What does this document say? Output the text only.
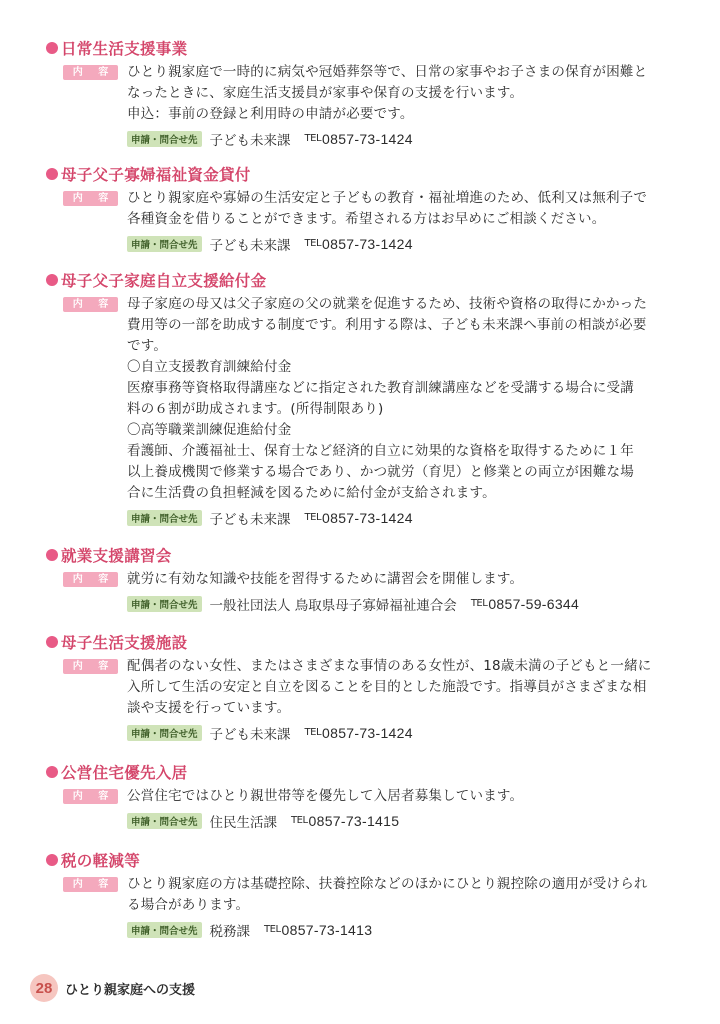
日常生活支援事業
内 容 ひとり親家庭で一時的に病気や冠婚葬祭等で、日常の家事やお子さまの保育が困難と

なったときに、家庭生活支援員が家事や保育の支援を行います。

申込：事前の登録と利用時の申請が必要です。

申請・問合せ先 子ども未来課 TEL 0857-73-1424
母子父子寡婦福祉資金貸付
内 容 ひとり親家庭や寡婦の生活安定と子どもの教育・福祉増進のため、低利又は無利子で

各種資金を借りることができます。希望される方はお早めにご相談ください。

申請・問合せ先 子ども未来課 TEL 0857-73-1424
母子父子家庭自立支援給付金
内 容 母子家庭の母又は父子家庭の父の就業を促進するため、技術や資格の取得にかかった

費用等の一部を助成する制度です。利用する際は、子ども未来課へ事前の相談が必要

です。

〇自立支援教育訓練給付金

医療事務等資格取得講座などに指定された教育訓練講座などを受講する場合に受講

料の６割が助成されます。(所得制限あり)

〇高等職業訓練促進給付金

看護師、介護福祉士、保育士など経済的自立に効果的な資格を取得するために１年

以上養成機関で修業する場合であり、かつ就労（育児）と修業との両立が困難な場

合に生活費の負担軽減を図るために給付金が支給されます。

申請・問合せ先 子ども未来課 TEL 0857-73-1424
就業支援講習会
内 容 就労に有効な知識や技能を習得するために講習会を開催します。

申請・問合せ先 一般社団法人 鳥取県母子寡婦福祉連合会 TEL 0857-59-6344
母子生活支援施設
内 容 配偶者のない女性、またはさまざまな事情のある女性が、18歳未満の子どもと一緒に

入所して生活の安定と自立を図ることを目的とした施設です。指導員がさまざまな相

談や支援を行っています。

申請・問合せ先 子ども未来課 TEL 0857-73-1424
公営住宅優先入居
内 容 公営住宅ではひとり親世帯等を優先して入居者募集しています。

申請・問合せ先 住民生活課 TEL 0857-73-1415
税の軽減等
内 容 ひとり親家庭の方は基礎控除、扶養控除などのほかにひとり親控除の適用が受けられ

る場合があります。

申請・問合せ先 税務課 TEL 0857-73-1413
28 ひとり親家庭への支援
